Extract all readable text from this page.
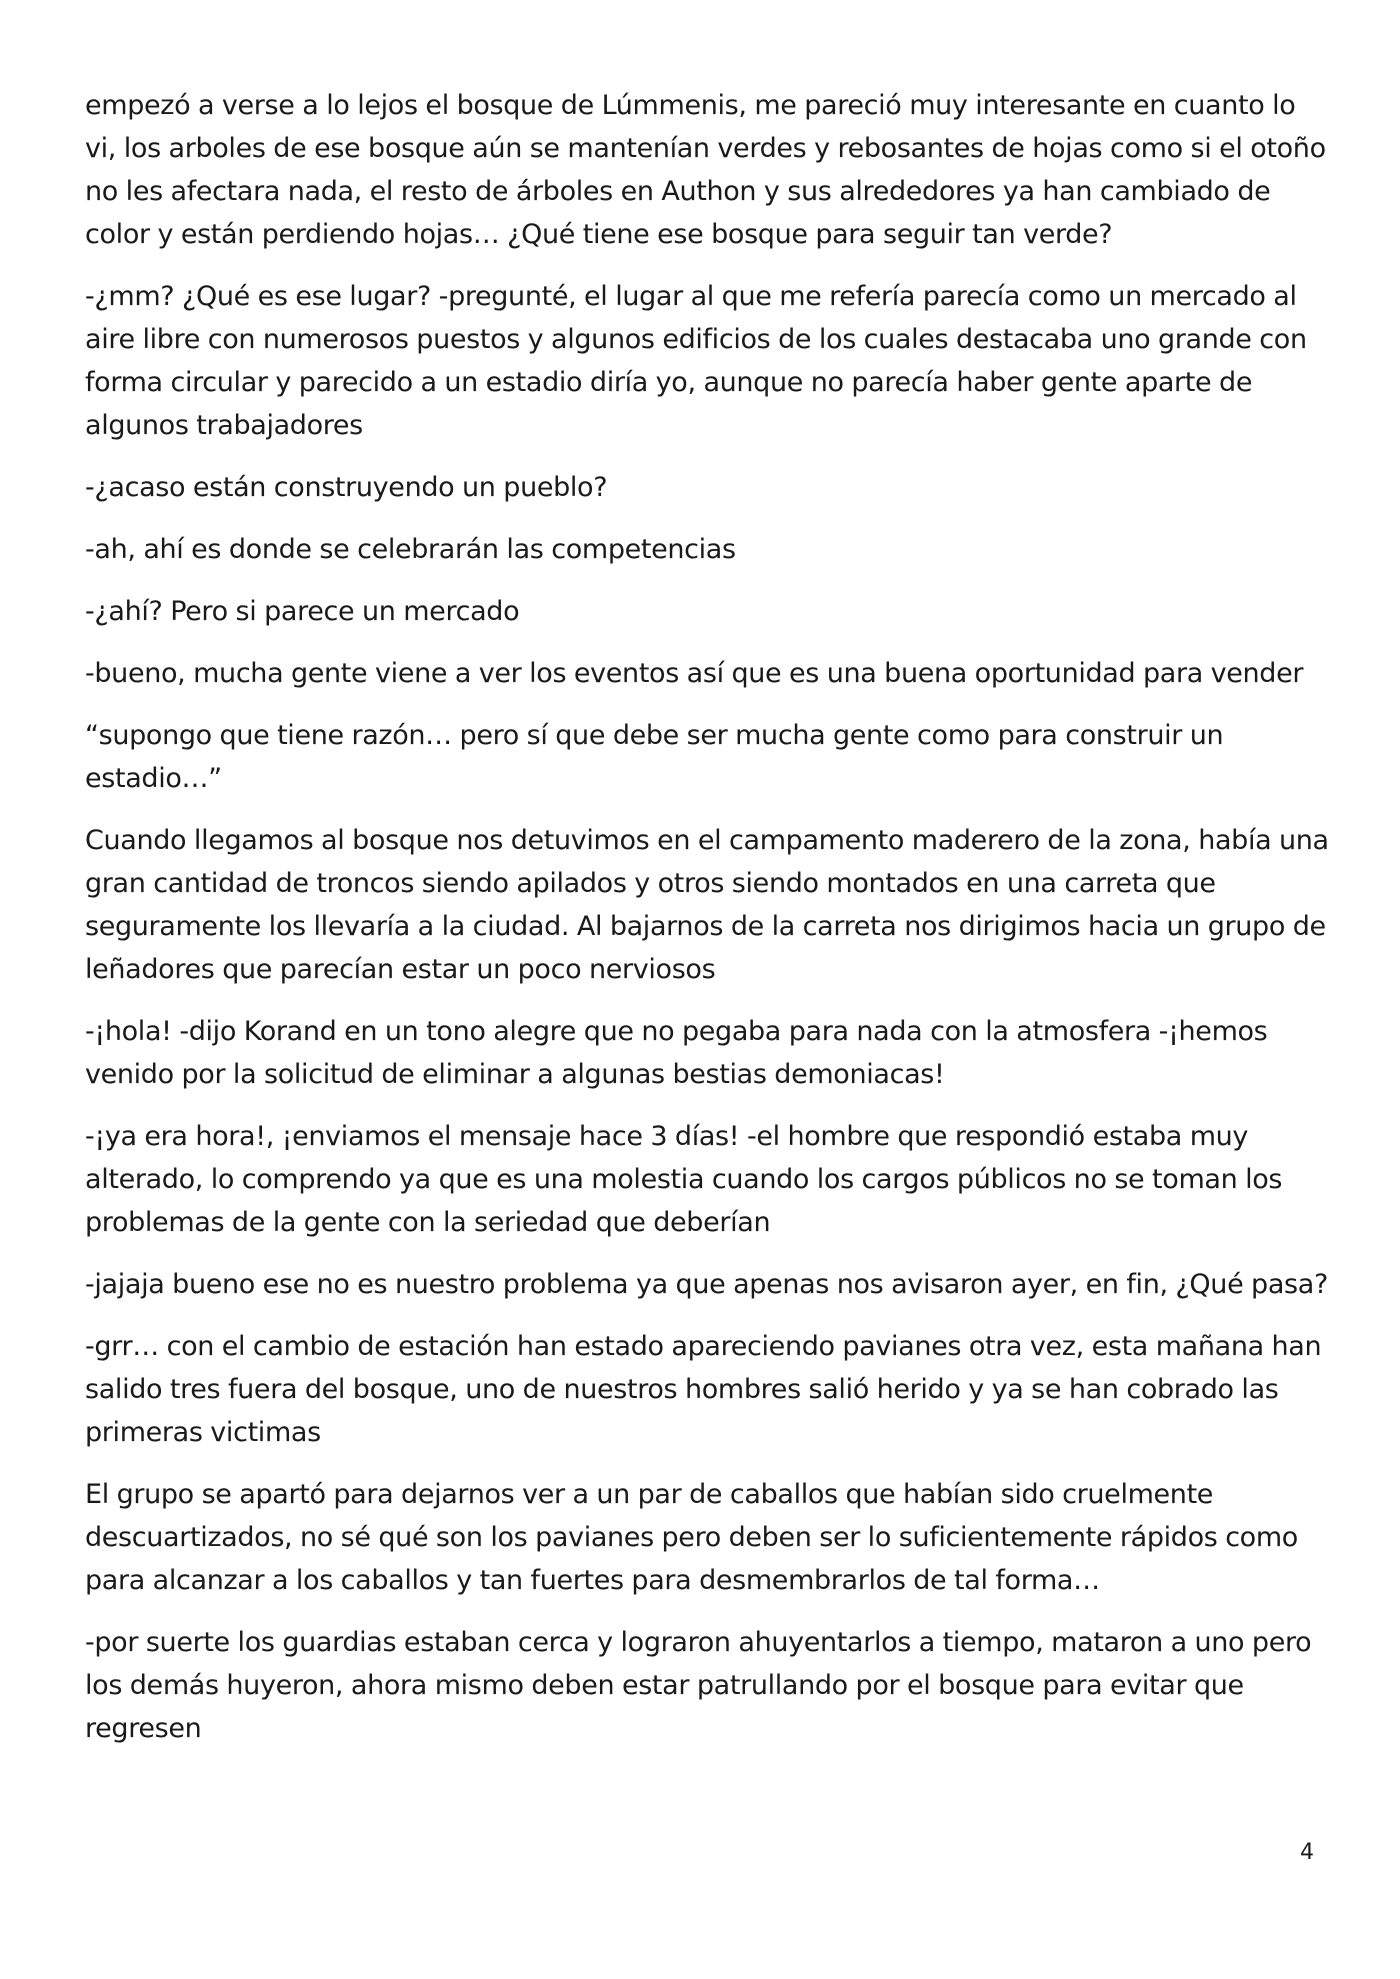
empezó a verse a lo lejos el bosque de Lúmmenis, me pareció muy interesante en cuanto lo vi, los arboles de ese bosque aún se mantenían verdes y rebosantes de hojas como si el otoño no les afectara nada, el resto de árboles en Authon y sus alrededores ya han cambiado de color y están perdiendo hojas… ¿Qué tiene ese bosque para seguir tan verde?

-¿mm? ¿Qué es ese lugar? -pregunté, el lugar al que me refería parecía como un mercado al aire libre con numerosos puestos y algunos edificios de los cuales destacaba uno grande con forma circular y parecido a un estadio diría yo, aunque no parecía haber gente aparte de algunos trabajadores

-¿acaso están construyendo un pueblo?

-ah, ahí es donde se celebrarán las competencias

-¿ahí? Pero si parece un mercado

-bueno, mucha gente viene a ver los eventos así que es una buena oportunidad para vender

“supongo que tiene razón… pero sí que debe ser mucha gente como para construir un estadio…”

Cuando llegamos al bosque nos detuvimos en el campamento maderero de la zona, había una gran cantidad de troncos siendo apilados y otros siendo montados en una carreta que seguramente los llevaría a la ciudad. Al bajarnos de la carreta nos dirigimos hacia un grupo de leñadores que parecían estar un poco nerviosos

-¡hola! -dijo Korand en un tono alegre que no pegaba para nada con la atmosfera -¡hemos venido por la solicitud de eliminar a algunas bestias demoniacas!

-¡ya era hora!, ¡enviamos el mensaje hace 3 días! -el hombre que respondió estaba muy alterado, lo comprendo ya que es una molestia cuando los cargos públicos no se toman los problemas de la gente con la seriedad que deberían

-jajaja bueno ese no es nuestro problema ya que apenas nos avisaron ayer, en fin, ¿Qué pasa?

-grr… con el cambio de estación han estado apareciendo pavianes otra vez, esta mañana han salido tres fuera del bosque, uno de nuestros hombres salió herido y ya se han cobrado las primeras victimas

El grupo se apartó para dejarnos ver a un par de caballos que habían sido cruelmente descuartizados, no sé qué son los pavianes pero deben ser lo suficientemente rápidos como para alcanzar a los caballos y tan fuertes para desmembrarlos de tal forma…

-por suerte los guardias estaban cerca y lograron ahuyentarlos a tiempo, mataron a uno pero los demás huyeron, ahora mismo deben estar patrullando por el bosque para evitar que regresen

4
